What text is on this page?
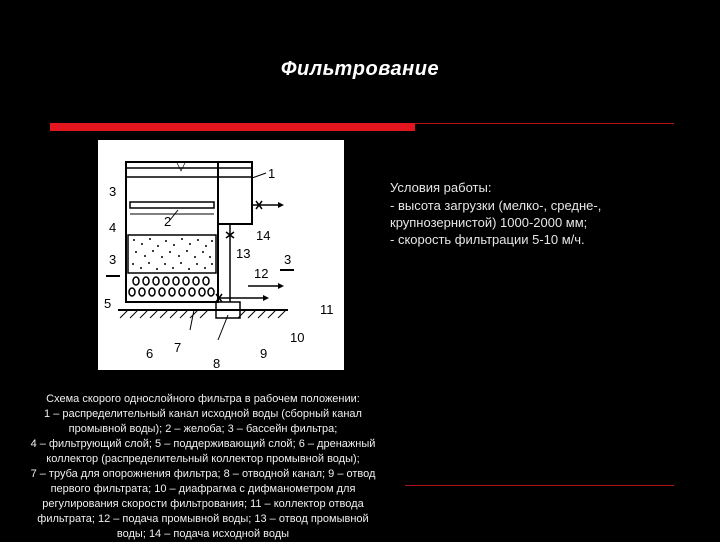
Фильтрование
▽
1
2
3
4
3
5
6 7
8
9
10
11
12
3
13
14
Условия работы:
- высота загрузки (мелко-, средне-,
крупнозернистой) 1000-2000 мм;
- скорость фильтрации 5-10 м/ч.
Схема скорого однослойного фильтра в рабочем положении:
1 – распределительный канал исходной воды (сборный канал
промывной воды); 2 – желоба; 3 – бассейн фильтра;
4 – фильтрующий слой; 5 – поддерживающий слой; 6 – дренажный
коллектор (распределительный коллектор промывной воды);
7 – труба для опорожнения фильтра; 8 – отводной канал; 9 – отвод
первого фильтрата; 10 – диафрагма с дифманометром для
регулирования скорости фильтрования; 11 – коллектор отвода
фильтрата; 12 – подача промывной воды; 13 – отвод промывной
воды; 14 – подача исходной воды
